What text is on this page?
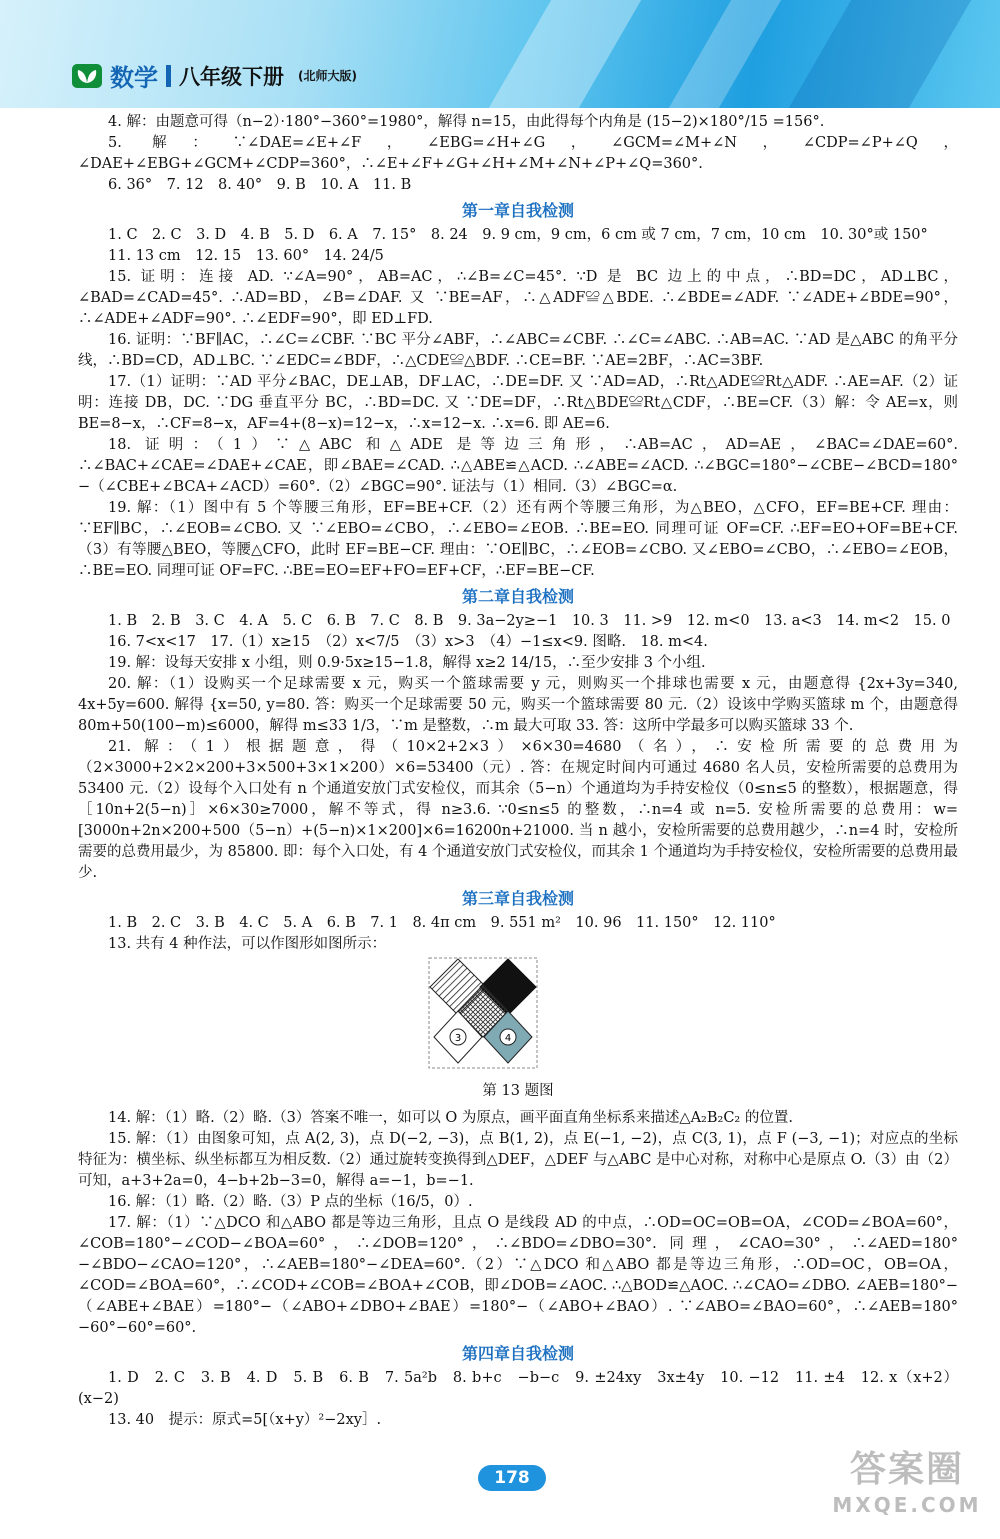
数学 八年级下册 (北师大版)

4. 解：由题意可得（n−2）·180°−360°=1980°，解得 n=15，由此得每个内角是 (15−2)×180°/15 =156°.

5. 解：∵∠DAE=∠E+∠F，∠EBG=∠H+∠G，∠GCM=∠M+∠N，∠CDP=∠P+∠Q，∠DAE+∠EBG+∠GCM+∠CDP=360°，∴∠E+∠F+∠G+∠H+∠M+∠N+∠P+∠Q=360°.

6. 36°　7. 12　8. 40°　9. B　10. A　11. B

第一章自我检测

1. C　2. C　3. D　4. B　5. D　6. A　7. 15°　8. 24　9. 9 cm，9 cm，6 cm 或 7 cm，7 cm，10 cm　10. 30°或 150°

11. 13 cm　12. 15　13. 60°　14. 24/5

15. 证明：连接 AD. ∵∠A=90°，AB=AC，∴∠B=∠C=45°. ∵D 是 BC 边上的中点，∴BD=DC，AD⊥BC，∠BAD=∠CAD=45°. ∴AD=BD，∠B=∠DAF. 又 ∵BE=AF，∴△ADF≌△BDE. ∴∠BDE=∠ADF. ∵∠ADE+∠BDE=90°，∴∠ADE+∠ADF=90°. ∴∠EDF=90°，即 ED⊥FD.

16. 证明：∵BF∥AC，∴∠C=∠CBF. ∵BC 平分∠ABF，∴∠ABC=∠CBF. ∴∠C=∠ABC. ∴AB=AC. ∵AD 是△ABC 的角平分线，∴BD=CD，AD⊥BC. ∵∠EDC=∠BDF，∴△CDE≌△BDF. ∴CE=BF. ∵AE=2BF，∴AC=3BF.

17.（1）证明：∵AD 平分∠BAC，DE⊥AB，DF⊥AC，∴DE=DF. 又 ∵AD=AD，∴Rt△ADE≌Rt△ADF. ∴AE=AF.（2）证明：连接 DB，DC. ∵DG 垂直平分 BC，∴BD=DC. 又 ∵DE=DF，∴Rt△BDE≌Rt△CDF，∴BE=CF.（3）解：令 AE=x，则 BE=8−x，∴CF=8−x，AF=4+(8−x)=12−x，∴x=12−x. ∴x=6. 即 AE=6.

18. 证明：（1）∵△ABC 和△ADE 是等边三角形，∴AB=AC，AD=AE，∠BAC=∠DAE=60°. ∴∠BAC+∠CAE=∠DAE+∠CAE，即∠BAE=∠CAD. ∴△ABE≌△ACD. ∴∠ABE=∠ACD. ∴∠BGC=180°−∠CBE−∠BCD=180°−（∠CBE+∠BCA+∠ACD）=60°.（2）∠BGC=90°. 证法与（1）相同.（3）∠BGC=α.

19. 解：（1）图中有 5 个等腰三角形，EF=BE+CF.（2）还有两个等腰三角形，为△BEO，△CFO，EF=BE+CF. 理由：∵EF∥BC，∴∠EOB=∠CBO. 又 ∵∠EBO=∠CBO，∴∠EBO=∠EOB. ∴BE=EO. 同理可证 OF=CF. ∴EF=EO+OF=BE+CF.（3）有等腰△BEO，等腰△CFO，此时 EF=BE−CF. 理由：∵OE∥BC，∴∠EOB=∠CBO. 又∠EBO=∠CBO，∴∠EBO=∠EOB，∴BE=EO. 同理可证 OF=FC. ∴BE=EO=EF+FO=EF+CF，∴EF=BE−CF.

第二章自我检测

1. B　2. B　3. C　4. A　5. C　6. B　7. C　8. B　9. 3a−2y≥−1　10. 3　11. >9　12. m<0　13. a<3　14. m<2　15. 0

16. 7<x<17　17.（1）x≥15　（2）x<7/5　（3）x>3　（4）−1≤x<9. 图略.　18. m<4.

19. 解：设每天安排 x 小组，则 0.9·5x≥15−1.8，解得 x≥2 14/15，∴至少安排 3 个小组.

20. 解：（1）设购买一个足球需要 x 元，购买一个篮球需要 y 元，则购买一个排球也需要 x 元，由题意得 {2x+3y=340, 4x+5y=600. 解得 {x=50, y=80. 答：购买一个足球需要 50 元，购买一个篮球需要 80 元.（2）设该中学购买篮球 m 个，由题意得 80m+50(100−m)≤6000，解得 m≤33 1/3，∵m 是整数，∴m 最大可取 33. 答：这所中学最多可以购买篮球 33 个.

21. 解：（1）根据题意，得（10×2+2×3）×6×30=4680（名），∴安检所需要的总费用为（2×3000+2×2×200+3×500+3×1×200）×6=53400（元）. 答：在规定时间内可通过 4680 名人员，安检所需要的总费用为 53400 元.（2）设每个入口处有 n 个通道安放门式安检仪，而其余（5−n）个通道均为手持安检仪（0≤n≤5 的整数），根据题意，得［10n+2(5−n)］×6×30≥7000，解不等式，得 n≥3.6. ∵0≤n≤5 的整数，∴n=4 或 n=5. 安检所需要的总费用：w=[3000n+2n×200+500（5−n）+(5−n)×1×200]×6=16200n+21000. 当 n 越小，安检所需要的总费用越少，∴n=4 时，安检所需要的总费用最少，为 85800. 即：每个入口处，有 4 个通道安放门式安检仪，而其余 1 个通道均为手持安检仪，安检所需要的总费用最少.

第三章自我检测

1. B　2. C　3. B　4. C　5. A　6. B　7. 1　8. 4π cm　9. 551 m²　10. 96　11. 150°　12. 110°

13. 共有 4 种作法，可以作图形如图所示：

3	4
第 13 题图

14. 解：（1）略.（2）略.（3）答案不唯一，如可以 O 为原点，画平面直角坐标系来描述△A₂B₂C₂ 的位置.

15. 解：（1）由图象可知，点 A(2, 3)，点 D(−2, −3)，点 B(1, 2)，点 E(−1, −2)，点 C(3, 1)，点 F (−3, −1)；对应点的坐标特征为：横坐标、纵坐标都互为相反数.（2）通过旋转变换得到△DEF，△DEF 与△ABC 是中心对称，对称中心是原点 O.（3）由（2）可知，a+3+2a=0，4−b+2b−3=0，解得 a=−1，b=−1.

16. 解：（1）略.（2）略.（3）P 点的坐标（16/5，0）.

17. 解：（1）∵△DCO 和△ABO 都是等边三角形，且点 O 是线段 AD 的中点，∴OD=OC=OB=OA，∠COD=∠BOA=60°，∠COB=180°−∠COD−∠BOA=60°，∴∠DOB=120°，∴∠BDO=∠DBO=30°. 同理，∠CAO=30°，∴∠AED=180°−∠BDO−∠CAO=120°，∴∠AEB=180°−∠DEA=60°.（2）∵△DCO 和△ABO 都是等边三角形，∴OD=OC，OB=OA，∠COD=∠BOA=60°，∴∠COD+∠COB=∠BOA+∠COB，即∠DOB=∠AOC. ∴△BOD≌△AOC. ∴∠CAO=∠DBO. ∠AEB=180°−（∠ABE+∠BAE）=180°−（∠ABO+∠DBO+∠BAE）=180°−（∠ABO+∠BAO）. ∵∠ABO=∠BAO=60°，∴∠AEB=180°−60°−60°=60°.

第四章自我检测

1. D　2. C　3. B　4. D　5. B　6. B　7. 5a²b　8. b+c　−b−c　9. ±24xy　3x±4y　10. −12　11. ±4　12. x（x+2）(x−2)

13. 40　提示：原式=5[（x+y）²−2xy］.

178	答案圈
MXQE.COM
